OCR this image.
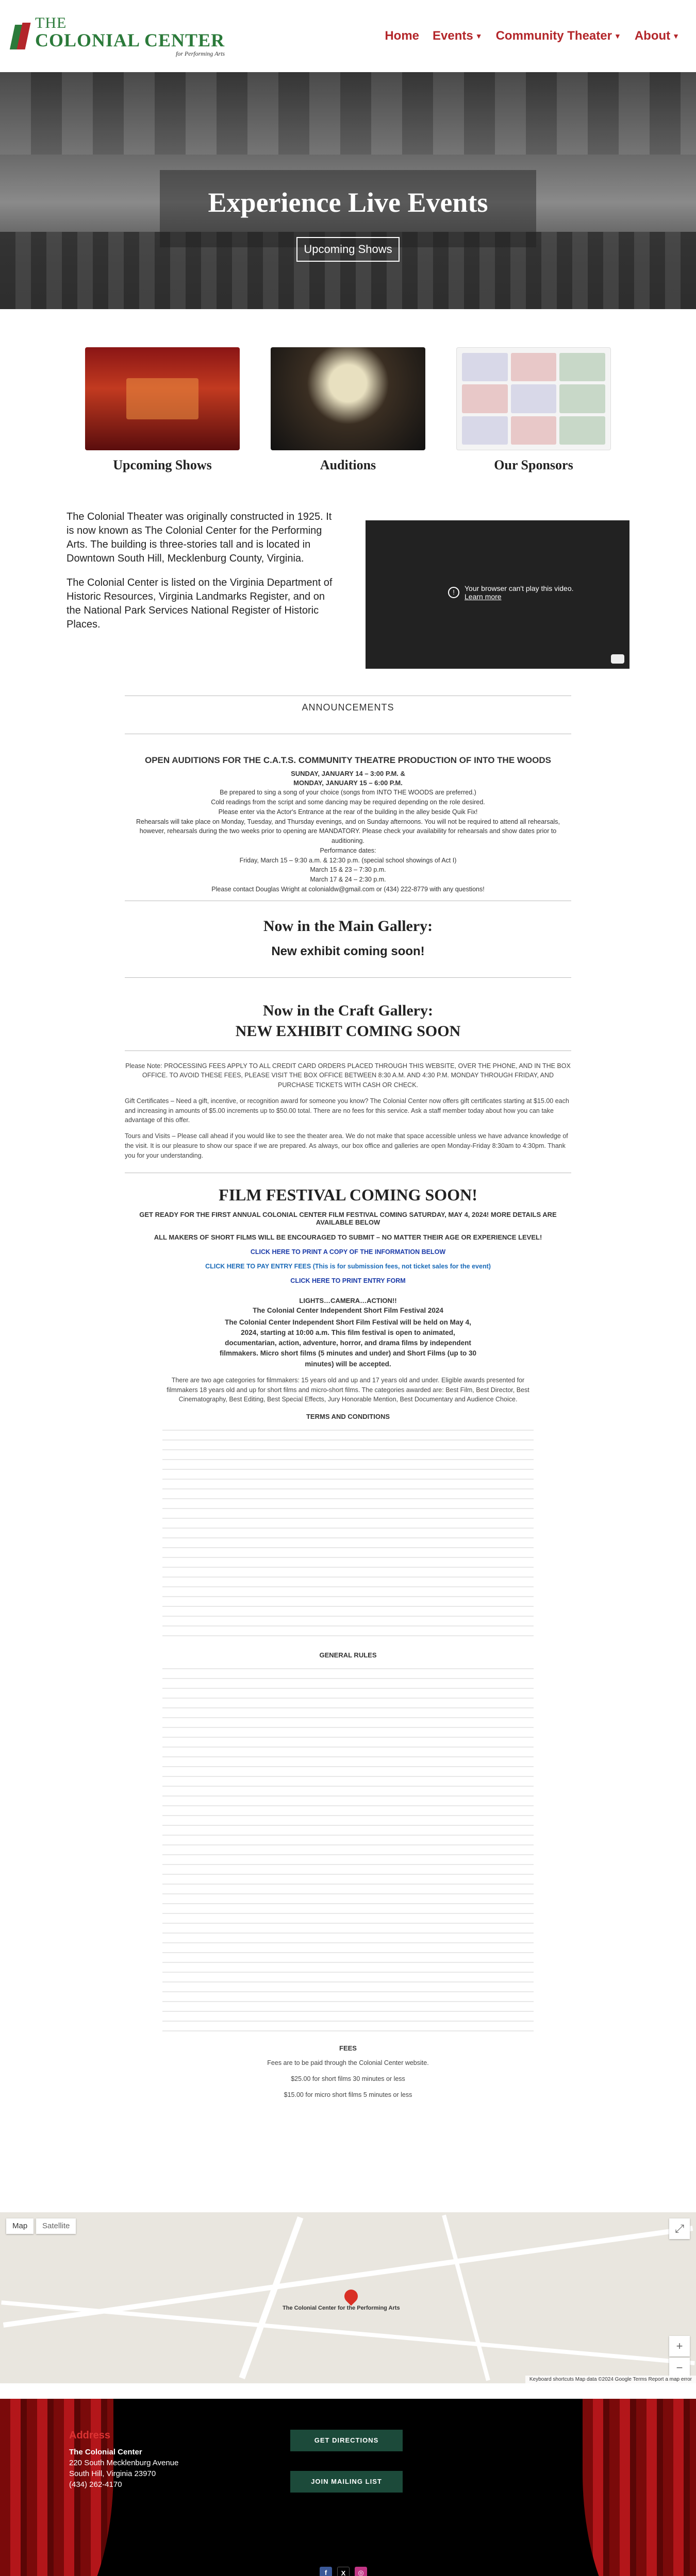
THE
COLONIAL CENTER
for Performing Arts
Home Events ▼ Community Theater ▼ About ▼
Experience Live Events
Upcoming Shows
Upcoming Shows	Auditions	Our Sponsors

The Colonial Theater was originally constructed in 1925. It is now known as The Colonial Center for the Performing Arts. The building is three-stories tall and is located in Downtown South Hill, Mecklenburg County, Virginia.

The Colonial Center is listed on the Virginia Department of Historic Resources, Virginia Landmarks Register, and on the National Park Services National Register of Historic Places.

!	Your browser can't play this video.
Learn more
ANNOUNCEMENTS
OPEN AUDITIONS FOR THE C.A.T.S. COMMUNITY THEATRE PRODUCTION OF INTO THE WOODS
SUNDAY, JANUARY 14 – 3:00 P.M. &
MONDAY, JANUARY 15 – 6:00 P.M.
Be prepared to sing a song of your choice (songs from INTO THE WOODS are preferred.)
Cold readings from the script and some dancing may be required depending on the role desired.
Please enter via the Actor's Entrance at the rear of the building in the alley beside Quik Fix!
Rehearsals will take place on Monday, Tuesday, and Thursday evenings, and on Sunday afternoons. You will not be required to attend all rehearsals, however, rehearsals during the two weeks prior to opening are MANDATORY. Please check your availability for rehearsals and show dates prior to auditioning.
Performance dates:
Friday, March 15 – 9:30 a.m. & 12:30 p.m. (special school showings of Act I)
March 15 & 23 – 7:30 p.m.
March 17 & 24 – 2:30 p.m.
Please contact Douglas Wright at colonialdw@gmail.com or (434) 222-8779 with any questions!
Now in the Main Gallery:
New exhibit coming soon!
Now in the Craft Gallery:
NEW EXHIBIT COMING SOON

Please Note: PROCESSING FEES APPLY TO ALL CREDIT CARD ORDERS PLACED THROUGH THIS WEBSITE, OVER THE PHONE, AND IN THE BOX OFFICE. TO AVOID THESE FEES, PLEASE VISIT THE BOX OFFICE BETWEEN 8:30 A.M. AND 4:30 P.M. MONDAY THROUGH FRIDAY, AND PURCHASE TICKETS WITH CASH OR CHECK.

Gift Certificates – Need a gift, incentive, or recognition award for someone you know? The Colonial Center now offers gift certificates starting at $15.00 each and increasing in amounts of $5.00 increments up to $50.00 total. There are no fees for this service. Ask a staff member today about how you can take advantage of this offer.

Tours and Visits – Please call ahead if you would like to see the theater area. We do not make that space accessible unless we have advance knowledge of the visit. It is our pleasure to show our space if we are prepared. As always, our box office and galleries are open Monday-Friday 8:30am to 4:30pm. Thank you for your understanding.

FILM FESTIVAL COMING SOON!
GET READY FOR THE FIRST ANNUAL COLONIAL CENTER FILM FESTIVAL COMING SATURDAY, MAY 4, 2024! MORE DETAILS ARE AVAILABLE BELOW
ALL MAKERS OF SHORT FILMS WILL BE ENCOURAGED TO SUBMIT – NO MATTER THEIR AGE OR EXPERIENCE LEVEL!
CLICK HERE TO PRINT A COPY OF THE INFORMATION BELOW
CLICK HERE TO PAY ENTRY FEES (This is for submission fees, not ticket sales for the event)
CLICK HERE TO PRINT ENTRY FORM
LIGHTS…CAMERA…ACTION!!
The Colonial Center Independent Short Film Festival 2024
The Colonial Center Independent Short Film Festival will be held on May 4, 2024, starting at 10:00 a.m. This film festival is open to animated, documentarian, action, adventure, horror, and drama films by independent filmmakers. Micro short films (5 minutes and under) and Short Films (up to 30 minutes) will be accepted.
There are two age categories for filmmakers: 15 years old and up and 17 years old and under. Eligible awards presented for filmmakers 18 years old and up for short films and micro-short films. The categories awarded are: Best Film, Best Director, Best Cinematography, Best Editing, Best Special Effects, Jury Honorable Mention, Best Documentary and Audience Choice.
TERMS AND CONDITIONS
GENERAL RULES
FEES
Fees are to be paid through the Colonial Center website.
$25.00 for short films 30 minutes or less
$15.00 for micro short films 5 minutes or less
Map	Satellite
The Colonial Center for the Performing Arts
⤢
+
−
Keyboard shortcuts Map data ©2024 Google Terms Report a map error
Address
The Colonial Center
220 South Mecklenburg Avenue
South Hill, Virginia 23970
(434) 262-4170
GET DIRECTIONS
JOIN MAILING LIST
f	X	◎
